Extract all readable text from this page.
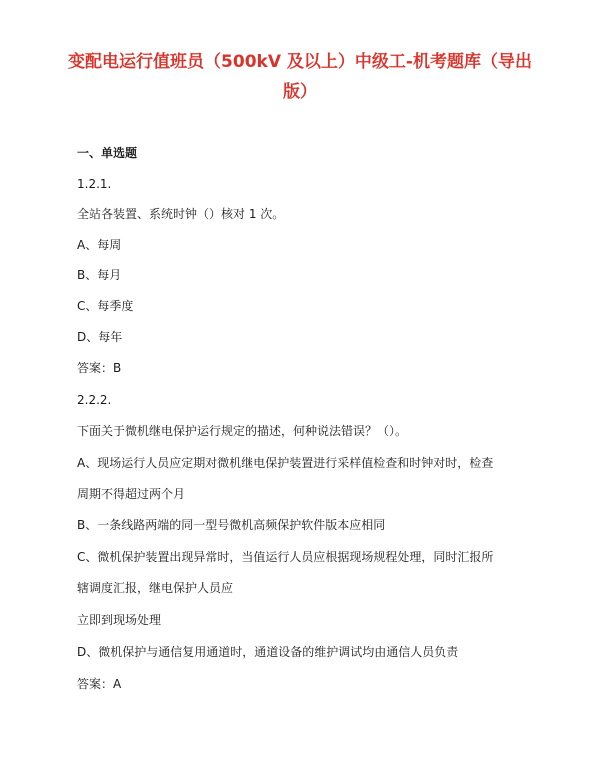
变配电运行值班员（500kV 及以上）中级工-机考题库（导出
版）
一、单选题
1.2.1.
全站各装置、系统时钟（）核对 1 次。
A、每周
B、每月
C、每季度
D、每年
答案：B
2.2.2.
下面关于微机继电保护运行规定的描述，何种说法错误？（）。
A、现场运行人员应定期对微机继电保护装置进行采样值检查和时钟对时，检查
周期不得超过两个月
B、一条线路两端的同一型号微机高频保护软件版本应相同
C、微机保护装置出现异常时，当值运行人员应根据现场规程处理，同时汇报所
辖调度汇报，继电保护人员应
立即到现场处理
D、微机保护与通信复用通道时，通道设备的维护调试均由通信人员负责
答案：A
